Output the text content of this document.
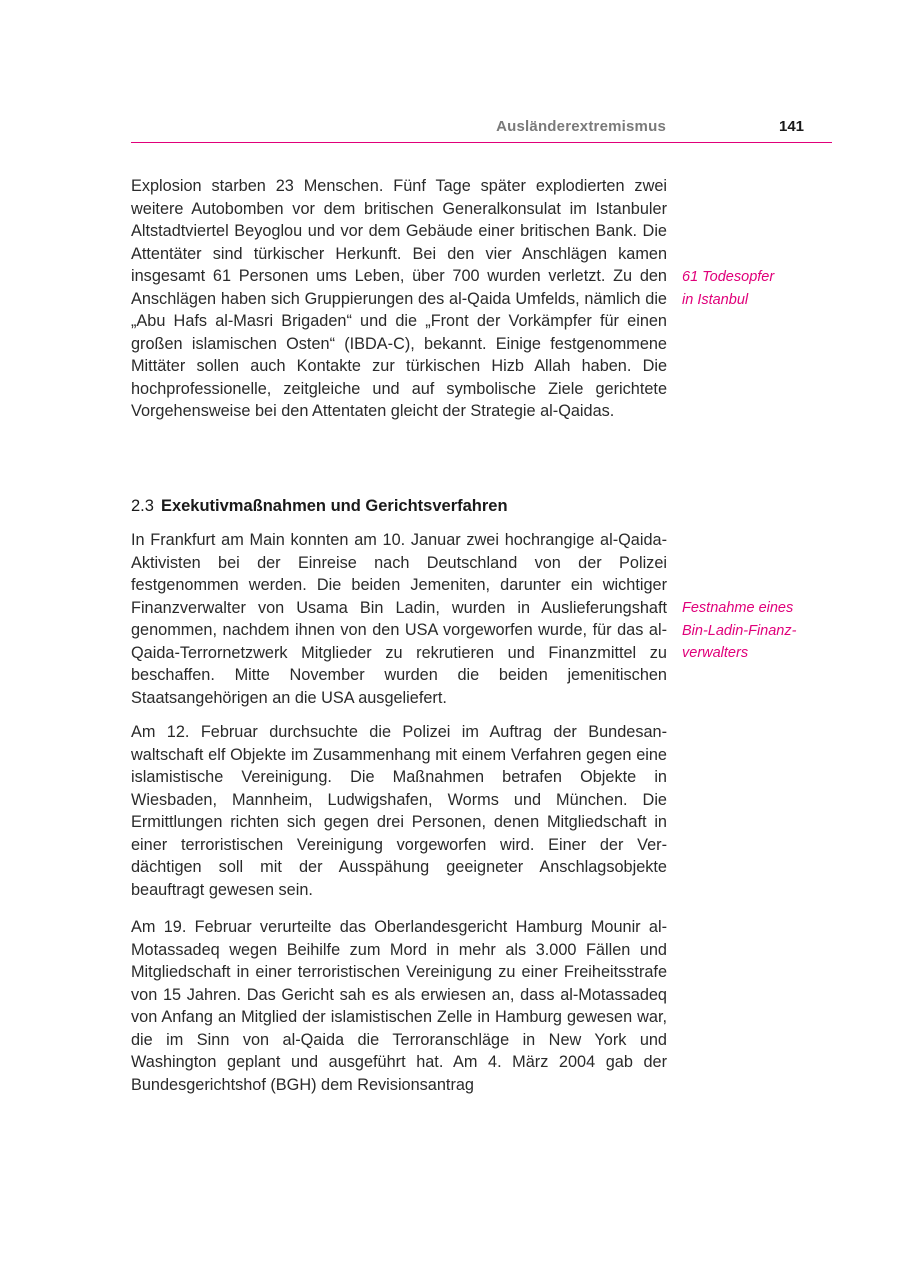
Ausländerextremismus	141

Explosion starben 23 Menschen. Fünf Tage später explodierten zwei weitere Autobomben vor dem britischen Generalkonsulat im Istanbuler Altstadtviertel Beyoglou und vor dem Gebäude einer britischen Bank. Die Attentäter sind türkischer Herkunft. Bei den vier Anschlägen kamen insgesamt 61 Personen ums Leben, über 700 wurden verletzt. Zu den Anschlägen haben sich Gruppierungen des al-Qaida Umfelds, nämlich die „Abu Hafs al-Masri Brigaden“ und die „Front der Vorkämpfer für einen großen islamischen Osten“ (IBDA-C), bekannt. Einige festgenommene Mittäter sollen auch Kontakte zur türkischen Hizb Allah haben. Die hochprofessionelle, zeitgleiche und auf symbolische Ziele gerichtete Vorgehensweise bei den Attentaten gleicht der Strategie al-Qaidas.

61 Todesopfer
in Istanbul
2.3 Exekutivmaßnahmen und Gerichtsverfahren

In Frankfurt am Main konnten am 10. Januar zwei hochrangige al-Qaida-Aktivisten bei der Einreise nach Deutschland von der Polizei festgenommen werden. Die beiden Jemeniten, darunter ein wichtiger Finanzverwalter von Usama Bin Ladin, wurden in Auslieferungshaft genommen, nachdem ihnen von den USA vorgeworfen wurde, für das al-Qaida-Terrornetzwerk Mitglieder zu rekrutieren und Finanzmittel zu beschaffen. Mitte November wurden die beiden jemenitischen Staatsangehörigen an die USA ausgeliefert.

Festnahme eines
Bin-Ladin-Finanz-
verwalters

Am 12. Februar durchsuchte die Polizei im Auftrag der Bundesanwaltschaft elf Objekte im Zusammenhang mit einem Verfahren gegen eine islamistische Vereinigung. Die Maßnahmen betrafen Objekte in Wiesbaden, Mannheim, Ludwigshafen, Worms und München. Die Ermittlungen richten sich gegen drei Personen, denen Mitgliedschaft in einer terroristischen Vereinigung vorgeworfen wird. Einer der Verdächtigen soll mit der Ausspähung geeigneter Anschlagsobjekte beauftragt gewesen sein.

Am 19. Februar verurteilte das Oberlandesgericht Hamburg Mounir al-Motassadeq wegen Beihilfe zum Mord in mehr als 3.000 Fällen und Mitgliedschaft in einer terroristischen Vereinigung zu einer Freiheitsstrafe von 15 Jahren. Das Gericht sah es als erwiesen an, dass al-Motassadeq von Anfang an Mitglied der islamistischen Zelle in Hamburg gewesen war, die im Sinn von al-Qaida die Terroranschläge in New York und Washington geplant und ausgeführt hat. Am 4. März 2004 gab der Bundesgerichtshof (BGH) dem Revisionsantrag
